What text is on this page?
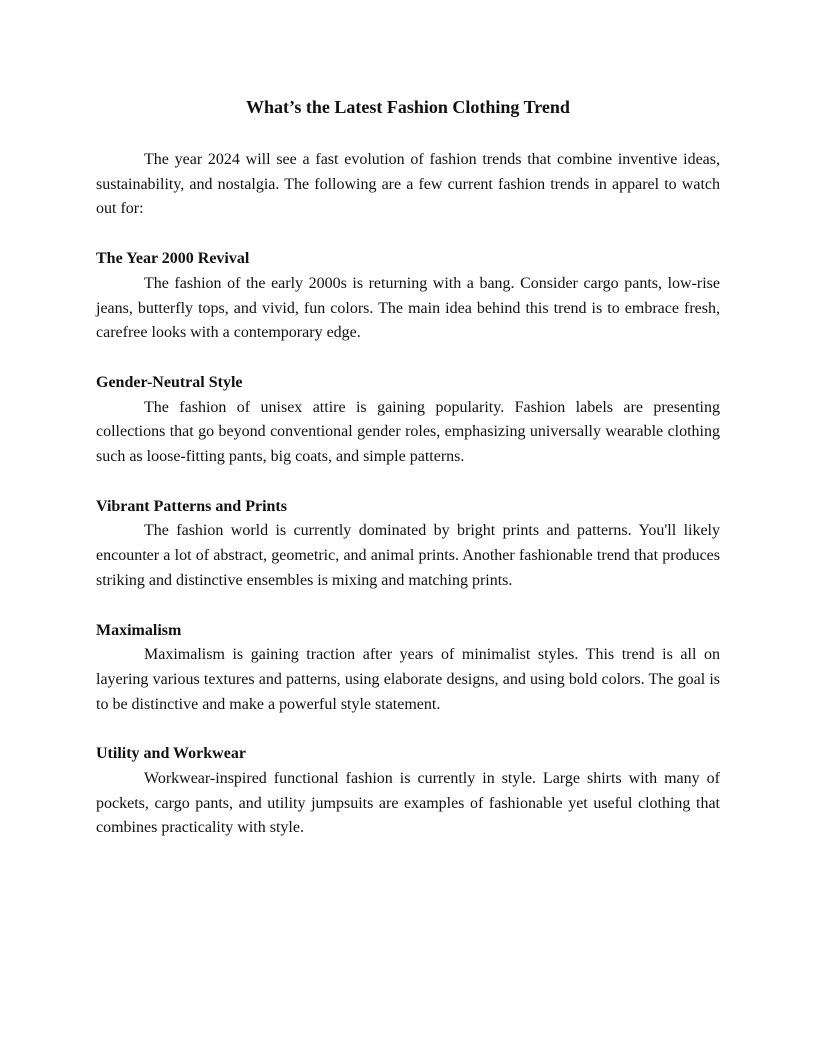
What’s the Latest Fashion Clothing Trend

The year 2024 will see a fast evolution of fashion trends that combine inventive ideas, sustainability, and nostalgia. The following are a few current fashion trends in apparel to watch out for:

The Year 2000 Revival

The fashion of the early 2000s is returning with a bang. Consider cargo pants, low-rise jeans, butterfly tops, and vivid, fun colors. The main idea behind this trend is to embrace fresh, carefree looks with a contemporary edge.

Gender-Neutral Style

The fashion of unisex attire is gaining popularity. Fashion labels are presenting collections that go beyond conventional gender roles, emphasizing universally wearable clothing such as loose-fitting pants, big coats, and simple patterns.

Vibrant Patterns and Prints

The fashion world is currently dominated by bright prints and patterns. You'll likely encounter a lot of abstract, geometric, and animal prints. Another fashionable trend that produces striking and distinctive ensembles is mixing and matching prints.

Maximalism

Maximalism is gaining traction after years of minimalist styles. This trend is all on layering various textures and patterns, using elaborate designs, and using bold colors. The goal is to be distinctive and make a powerful style statement.

Utility and Workwear

Workwear-inspired functional fashion is currently in style. Large shirts with many of pockets, cargo pants, and utility jumpsuits are examples of fashionable yet useful clothing that combines practicality with style.
